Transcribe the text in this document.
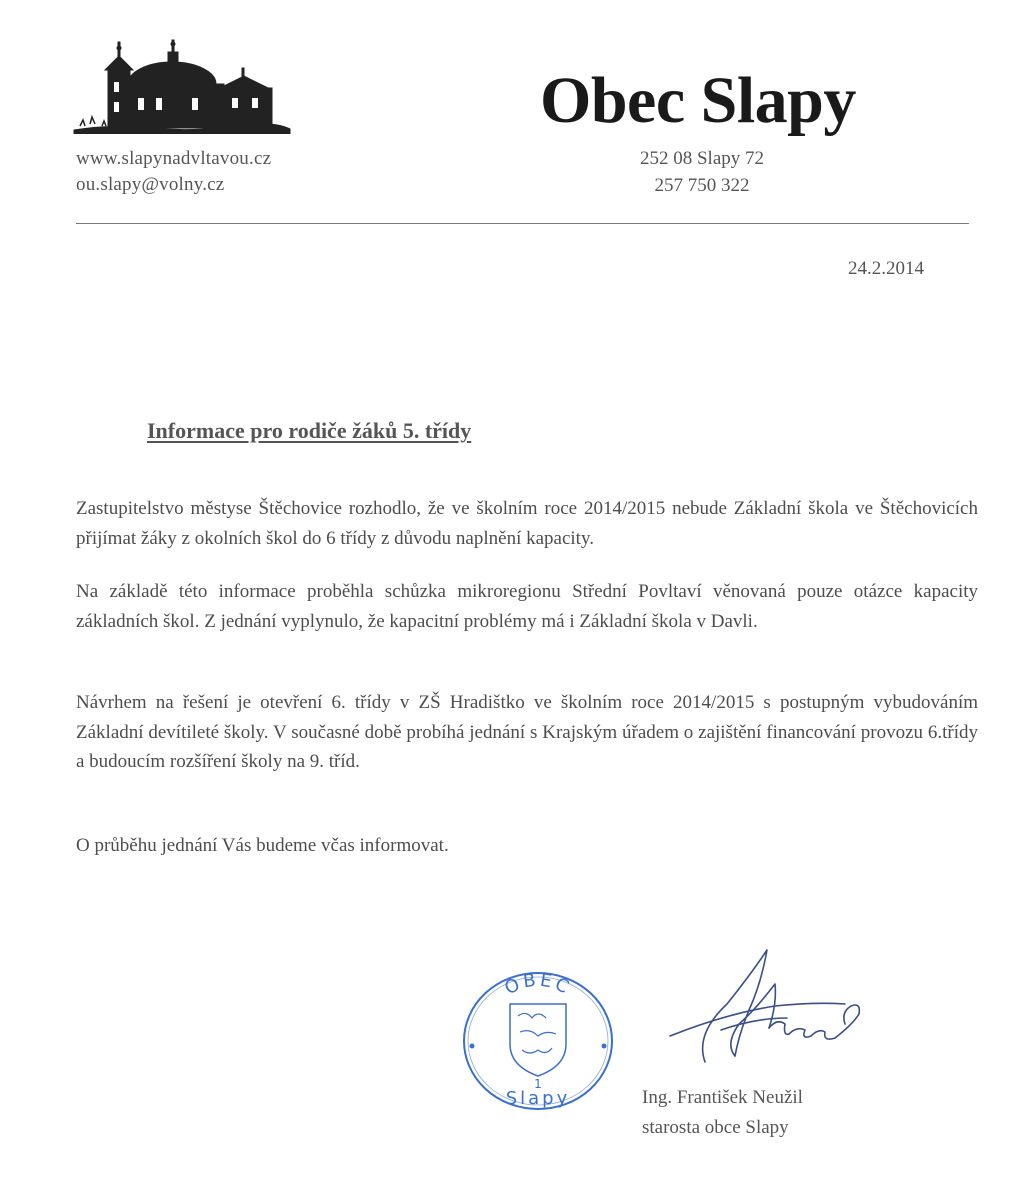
www.slapynadvltavou.cz
ou.slapy@volny.cz
Obec Slapy
252 08 Slapy 72
257 750 322
24.2.2014
Informace pro rodiče žáků 5. třídy
Zastupitelstvo městyse Štěchovice rozhodlo, že ve školním roce 2014/2015 nebude Základní škola ve Štěchovicích přijímat žáky z okolních škol do 6 třídy z důvodu naplnění kapacity.
Na základě této informace proběhla schůzka mikroregionu Střední Povltaví věnovaná pouze otázce kapacity základních škol. Z jednání vyplynulo, že kapacitní problémy má i Základní škola v Davli.
Návrhem na řešení je otevření 6. třídy v ZŠ Hradištko ve školním roce 2014/2015 s postupným vybudováním Základní devítileté školy. V současné době probíhá jednání s Krajským úřadem o zajištění financování provozu 6.třídy a budoucím rozšíření školy na 9. tříd.
O průběhu jednání Vás budeme včas informovat.
OBEC
1
Slapy	Ing. František Neužil
starosta obce Slapy
